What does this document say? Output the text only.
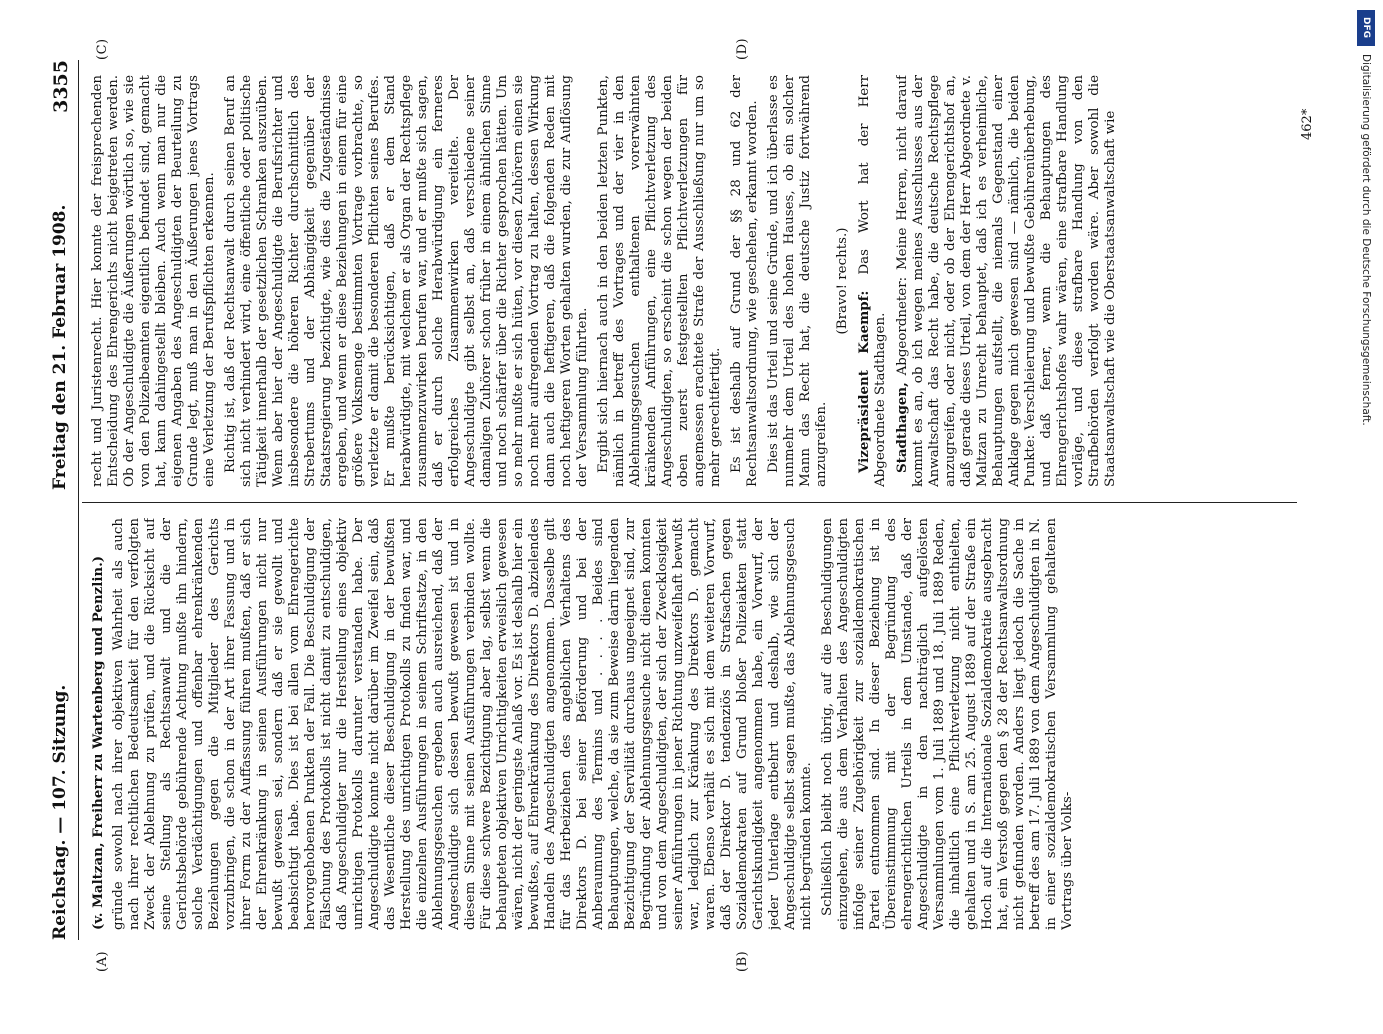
Reichstag. — 107. Sitzung.
Freitag den 21. Februar 1908.
3355
(A)	(B)
(C)	(D)

(v. Maltzan, Freiherr zu Wartenberg und Penzlin.) gründe sowohl nach ihrer objektiven Wahrheit als auch nach ihrer rechtlichen Bedeutsamkeit für den verfolgten Zweck der Ablehnung zu prüfen, und die Rücksicht auf seine Stellung als Rechtsanwalt und die der Gerichtsbehörde gebührende Achtung mußte ihn hindern, solche Verdächtigungen und offenbar ehrenkränkenden Beziehungen gegen die Mitglieder des Gerichts vorzubringen, die schon in der Art ihrer Fassung und in ihrer Form zu der Auffassung führen mußten, daß er sich der Ehrenkränkung in seinen Ausführungen nicht nur bewußt gewesen sei, sondern daß er sie gewollt und beabsichtigt habe. Dies ist bei allen vom Ehrengerichte hervorgehobenen Punkten der Fall. Die Beschuldigung der Fälschung des Protokolls ist nicht damit zu entschuldigen, daß Angeschuldigter nur die Herstellung eines objektiv unrichtigen Protokolls darunter verstanden habe. Der Angeschuldigte konnte nicht darüber im Zweifel sein, daß das Wesentliche dieser Beschuldigung in der bewußten Herstellung des unrichtigen Protokolls zu finden war, und die einzelnen Ausführungen in seinem Schriftsatze, in den Ablehnungsgesuchen ergeben auch ausreichend, daß der Angeschuldigte sich dessen bewußt gewesen ist und in diesem Sinne mit seinen Ausführungen verbinden wollte. Für diese schwere Bezichtigung aber lag, selbst wenn die behaupteten objektiven Unrichtigkeiten erweislich gewesen wären, nicht der geringste Anlaß vor. Es ist deshalb hier ein bewußtes, auf Ehrenkränkung des Direktors D. abzielendes Handeln des Angeschuldigten angenommen. Dasselbe gilt für das Herbeiziehen des angeblichen Verhaltens des Direktors D. bei seiner Beförderung und bei der Anberaumung des Termins und . . . . Beides sind Behauptungen, welche, da sie zum Beweise darin liegenden Bezichtigung der Servilität durchaus ungeeignet sind, zur Begründung der Ablehnungsgesuche nicht dienen konnten und von dem Angeschuldigten, der sich der Zwecklosigkeit seiner Anführungen in jener Richtung unzweifelhaft bewußt war, lediglich zur Kränkung des Direktors D. gemacht waren. Ebenso verhält es sich mit dem weiteren Vorwurf, daß der Direktor D. tendenziös in Strafsachen gegen Sozialdemokraten auf Grund bloßer Polizeiakten statt Gerichtskundigkeit angenommen habe, ein Vorwurf, der jeder Unterlage entbehrt und deshalb, wie sich der Angeschuldigte selbst sagen mußte, das Ablehnungsgesuch nicht begründen konnte. Schließlich bleibt noch übrig, auf die Beschuldigungen einzugehen, die aus dem Verhalten des Angeschuldigten infolge seiner Zugehörigkeit zur sozialdemokratischen Partei entnommen sind. In dieser Beziehung ist in Übereinstimmung mit der Begründung des ehrengerichtlichen Urteils in dem Umstande, daß der Angeschuldigte in den nachträglich aufgelösten Versammlungen vom 1. Juli 1889 und 18. Juli 1889 Reden, die inhaltlich eine Pflichtverletzung nicht enthielten, gehalten und in S. am 25. August 1889 auf der Straße ein Hoch auf die Internationale Sozialdemokratie ausgebracht hat, ein Verstoß gegen den § 28 der Rechtsanwaltsordnung nicht gefunden worden. Anders liegt jedoch die Sache in betreff des am 17. Juli 1889 von dem Angeschuldigten in N. in einer sozialdemokratischen Versammlung gehaltenen Vortrags über Volks-

recht und Juristenrecht. Hier konnte der freisprechenden Entscheidung des Ehrengerichts nicht beigetreten werden. Ob der Angeschuldigte die Äußerungen wörtlich so, wie sie von den Polizeibeamten eigentlich befundet sind, gemacht hat, kann dahingestellt bleiben. Auch wenn man nur die eigenen Angaben des Angeschuldigten der Beurteilung zu Grunde legt, muß man in den Äußerungen jenes Vortrags eine Verletzung der Berufspflichten erkennen. Richtig ist, daß der Rechtsanwalt durch seinen Beruf an sich nicht verhindert wird, eine öffentliche oder politische Tätigkeit innerhalb der gesetzlichen Schranken auszuüben. Wenn aber hier der Angeschuldigte die Berufsrichter und insbesondere die höheren Richter durchschnittlich des Strebertums und der Abhängigkeit gegenüber der Staatsregierung bezichtigte, wie dies die Zugeständnisse ergeben, und wenn er diese Beziehungen in einem für eine größere Volksmenge bestimmten Vortrage vorbrachte, so verletzte er damit die besonderen Pflichten seines Berufes. Er mußte berücksichtigen, daß er dem Stand herabwürdigte, mit welchem er als Organ der Rechtspflege zusammenzuwirken berufen war, und er mußte sich sagen, daß er durch solche Herabwürdigung ein ferneres erfolgreiches Zusammenwirken vereitelte. Der Angeschuldigte gibt selbst an, daß verschiedene seiner damaligen Zuhörer schon früher in einem ähnlichen Sinne und noch schärfer über die Richter gesprochen hätten. Um so mehr mußte er sich hüten, vor diesen Zuhörern einen sie noch mehr aufregenden Vortrag zu halten, dessen Wirkung dann auch die heftigeren, daß die folgenden Reden mit noch heftigeren Worten gehalten wurden, die zur Auflösung der Versammlung führten. Ergibt sich hiernach auch in den beiden letzten Punkten, nämlich in betreff des Vortrages und der vier in den Ablehnungsgesuchen enthaltenen vorerwähnten kränkenden Anführungen, eine Pflichtverletzung des Angeschuldigten, so erscheint die schon wegen der beiden oben zuerst festgestellten Pflichtverletzungen für angemessen erachtete Strafe der Ausschließung nur um so mehr gerechtfertigt. Es ist deshalb auf Grund der §§ 28 und 62 der Rechtsanwaltsordnung, wie geschehen, erkannt worden. Dies ist das Urteil und seine Gründe, und ich überlasse es nunmehr dem Urteil des hohen Hauses, ob ein solcher Mann das Recht hat, die deutsche Justiz fortwährend anzugreifen.

(Bravo! rechts.)

Vizepräsident Kaempf: Das Wort hat der Herr Abgeordnete Stadthagen. Stadthagen, Abgeordneter: Meine Herren, nicht darauf kommt es an, ob ich wegen meines Ausschlusses aus der Anwaltschaft das Recht habe, die deutsche Rechtspflege anzugreifen, oder nicht, oder ob der Ehrengerichtshof an, daß gerade dieses Urteil, von dem der Herr Abgeordnete v. Maltzan zu Unrecht behauptet, daß ich es verheimliche, Behauptungen aufstellt, die niemals Gegenstand einer Anklage gegen mich gewesen sind — nämlich, die beiden Punkte: Verschleierung und bewußte Gebührenüberhebung, und daß ferner, wenn die Behauptungen des Ehrengerichtshofes wahr wären, eine strafbare Handlung vorläge, und diese strafbare Handlung von den Strafbehörden verfolgt worden wäre. Aber sowohl die Staatsanwaltschaft wie die Oberstaatsanwaltschaft wie	462*
DFG
Digitalisierung gefördert durch die Deutsche Forschungsgemeinschaft.
